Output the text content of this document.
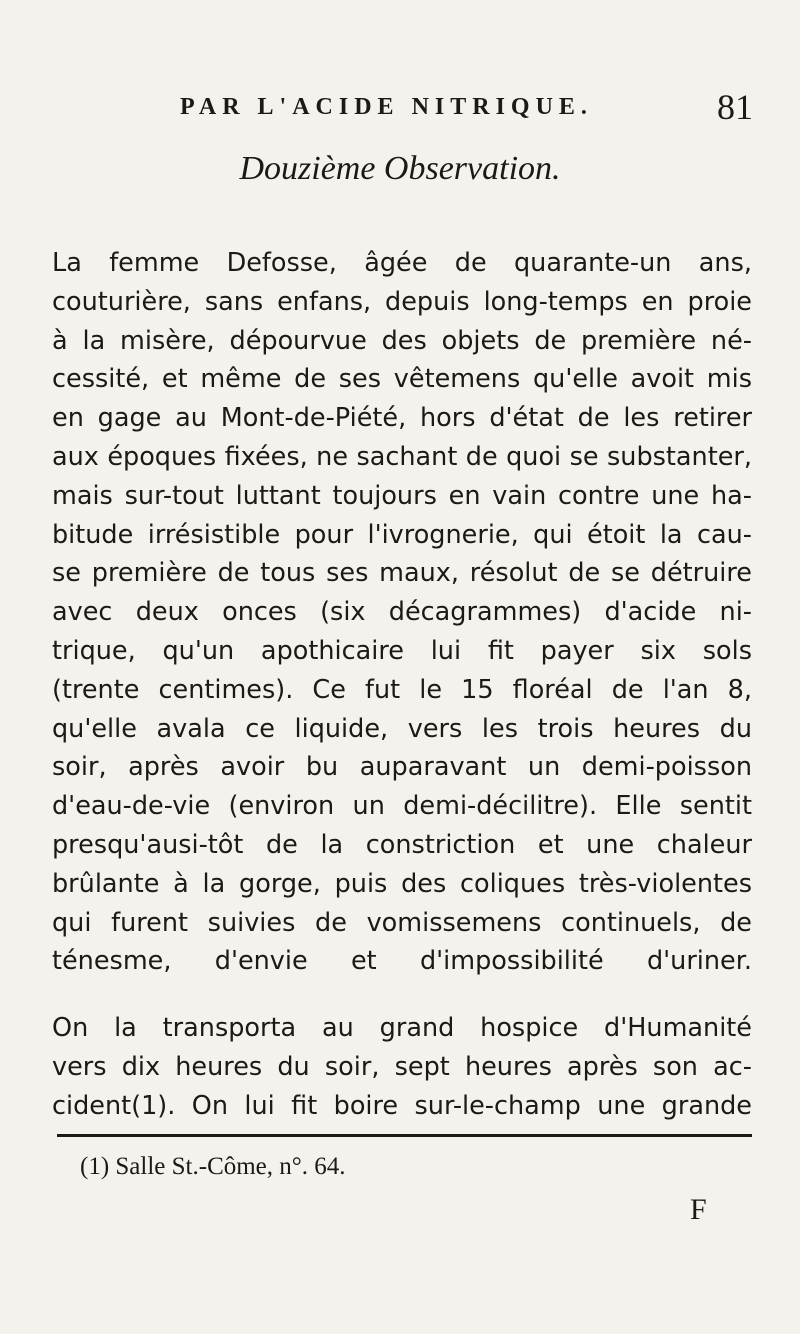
PAR L'ACIDE NITRIQUE.	81
Douzième Observation.
La femme Defosse, âgée de quarante-un ans,
couturière, sans enfans, depuis long-temps en proie
à la misère, dépourvue des objets de première né-
cessité, et même de ses vêtemens qu'elle avoit mis
en gage au Mont-de-Piété, hors d'état de les retirer
aux époques fixées, ne sachant de quoi se substanter,
mais sur-tout luttant toujours en vain contre une ha-
bitude irrésistible pour l'ivrognerie, qui étoit la cau-
se première de tous ses maux, résolut de se détruire
avec deux onces (six décagrammes) d'acide ni-
trique, qu'un apothicaire lui fit payer six sols
(trente centimes). Ce fut le 15 floréal de l'an 8,
qu'elle avala ce liquide, vers les trois heures du
soir, après avoir bu auparavant un demi-poisson
d'eau-de-vie (environ un demi-décilitre). Elle sentit
presqu'ausi-tôt de la constriction et une chaleur
brûlante à la gorge, puis des coliques très-violentes
qui furent suivies de vomissemens continuels, de
ténesme, d'envie et d'impossibilité d'uriner.
On la transporta au grand hospice d'Humanité
vers dix heures du soir, sept heures après son ac-
cident(1). On lui fit boire sur-le-champ une grande
(1) Salle St.-Côme, n°. 64.
F
